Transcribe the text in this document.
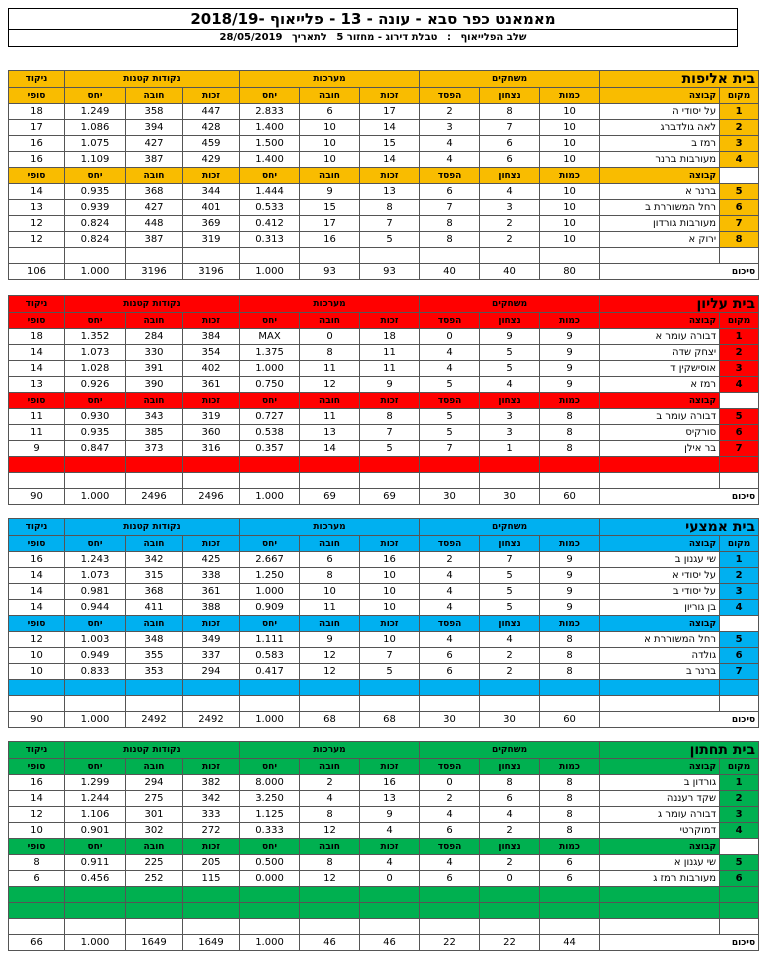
מאמאנט כפר סבא - עונה - 13 - פלייאוף -2018/19
שלב הפלייאוף : טבלת דירוג - מחזור 5 לתאריך 28/05/2019
ניקוד	נקודות קטנות			מערכות			משחקים			בית אליפות	
סופי	יחס	חובה	זכות	יחס	חובה	זכות	הפסד	נצחון	כמות	קבוצה	מקום
18	1.249	358	447	2.833	6	17	2	8	10	על יסודי ה	1
17	1.086	394	428	1.400	10	14	3	7	10	לאה גולדברג	2
16	1.075	427	459	1.500	10	15	4	6	10	רמז ב	3
16	1.109	387	429	1.400	10	14	4	6	10	מעורבות ברנר	4
סופי	יחס	חובה	זכות	יחס	חובה	זכות	הפסד	נצחון	כמות	קבוצה	
14	0.935	368	344	1.444	9	13	6	4	10	ברנר א	5
13	0.939	427	401	0.533	15	8	7	3	10	רחל המשוררת ב	6
12	0.824	448	369	0.412	17	7	8	2	10	מעורבות גורדון	7
12	0.824	387	319	0.313	16	5	8	2	10	ירוק א	8

106	1.000	3196	3196	1.000	93	93	40	40	80	סיכום	
ניקוד	נקודות קטנות			מערכות			משחקים			בית עליון	
סופי	יחס	חובה	זכות	יחס	חובה	זכות	הפסד	נצחון	כמות	קבוצה	מקום
18	1.352	284	384	MAX	0	18	0	9	9	דבורה עומר א	1
14	1.073	330	354	1.375	8	11	4	5	9	יצחק שדה	2
14	1.028	391	402	1.000	11	11	4	5	9	אוסישקין ד	3
13	0.926	390	361	0.750	12	9	5	4	9	רמז א	4
סופי	יחס	חובה	זכות	יחס	חובה	זכות	הפסד	נצחון	כמות	קבוצה	
11	0.930	343	319	0.727	11	8	5	3	8	דבורה עומר ב	5
11	0.935	385	360	0.538	13	7	5	3	8	סורקיס	6
9	0.847	373	316	0.357	14	5	7	1	8	בר אילן	7

90	1.000	2496	2496	1.000	69	69	30	30	60	סיכום	
ניקוד	נקודות קטנות			מערכות			משחקים			בית אמצעי	
סופי	יחס	חובה	זכות	יחס	חובה	זכות	הפסד	נצחון	כמות	קבוצה	מקום
16	1.243	342	425	2.667	6	16	2	7	9	שי עגנון ב	1
14	1.073	315	338	1.250	8	10	4	5	9	על יסודי א	2
14	0.981	368	361	1.000	10	10	4	5	9	על יסודי ב	3
14	0.944	411	388	0.909	11	10	4	5	9	בן גוריון	4
סופי	יחס	חובה	זכות	יחס	חובה	זכות	הפסד	נצחון	כמות	קבוצה	
12	1.003	348	349	1.111	9	10	4	4	8	רחל המשוררת א	5
10	0.949	355	337	0.583	12	7	6	2	8	גולדה	6
10	0.833	353	294	0.417	12	5	6	2	8	ברנר ב	7

90	1.000	2492	2492	1.000	68	68	30	30	60	סיכום	
ניקוד	נקודות קטנות			מערכות			משחקים			בית תחתון	
סופי	יחס	חובה	זכות	יחס	חובה	זכות	הפסד	נצחון	כמות	קבוצה	מקום
16	1.299	294	382	8.000	2	16	0	8	8	גורדון ב	1
14	1.244	275	342	3.250	4	13	2	6	8	שקד רעננה	2
12	1.106	301	333	1.125	8	9	4	4	8	דבורה עומר ג	3
10	0.901	302	272	0.333	12	4	6	2	8	דמוקרטי	4
סופי	יחס	חובה	זכות	יחס	חובה	זכות	הפסד	נצחון	כמות	קבוצה	
8	0.911	225	205	0.500	8	4	4	2	6	שי עגנון א	5
6	0.456	252	115	0.000	12	0	6	0	6	מעורבות רמז ג	6

66	1.000	1649	1649	1.000	46	46	22	22	44	סיכום	
